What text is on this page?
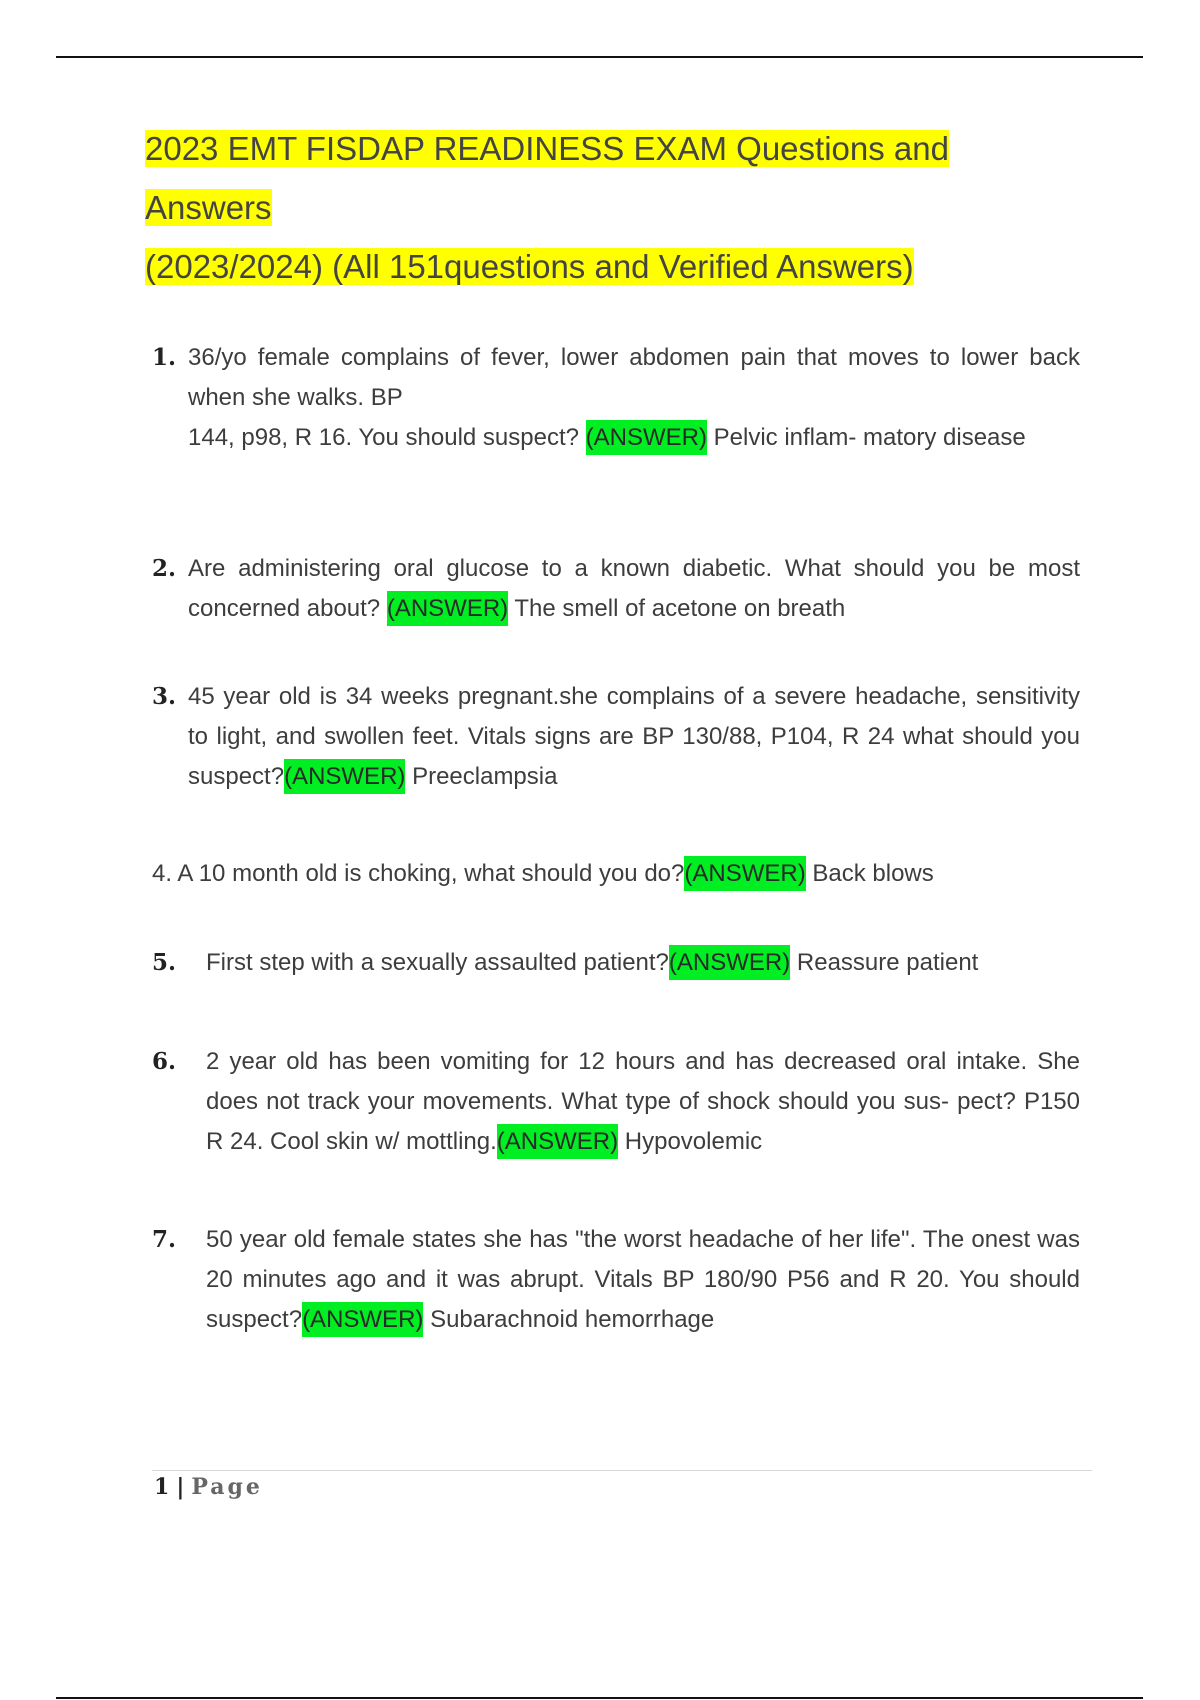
2023 EMT FISDAP READINESS EXAM Questions and Answers
(2023/2024) (All 151questions and Verified Answers)
1. 36/yo female complains of fever, lower abdomen pain that moves to lower back when she walks. BP
144, p98, R 16. You should suspect? (ANSWER) Pelvic inflam- matory disease
2. Are administering oral glucose to a known diabetic. What should you be most concerned about? (ANSWER) The smell of acetone on breath
3. 45 year old is 34 weeks pregnant.she complains of a severe headache, sensitivity to light, and swollen feet. Vitals signs are BP 130/88, P104, R 24 what should you suspect?(ANSWER) Preeclampsia
4. A 10 month old is choking, what should you do?(ANSWER) Back blows
5. First step with a sexually assaulted patient?(ANSWER) Reassure patient
6. 2 year old has been vomiting for 12 hours and has decreased oral intake. She does not track your movements. What type of shock should you sus- pect? P150 R 24. Cool skin w/ mottling.(ANSWER) Hypovolemic
7. 50 year old female states she has "the worst headache of her life". The onest was 20 minutes ago and it was abrupt. Vitals BP 180/90 P56 and R 20. You should suspect?(ANSWER) Subarachnoid hemorrhage
1 | Page
